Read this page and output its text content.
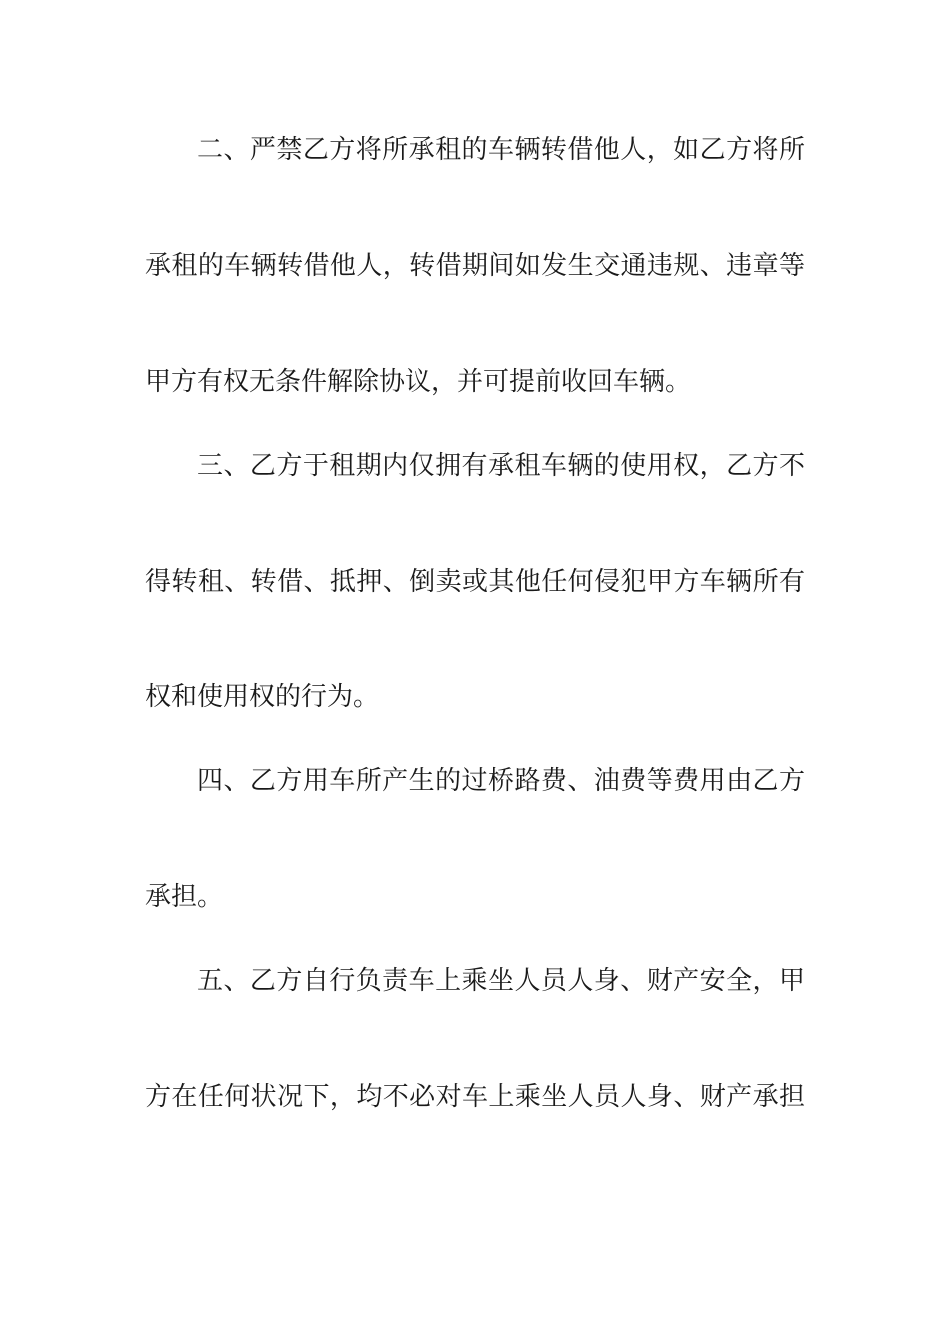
二、严禁乙方将所承租的车辆转借他人，如乙方将所
承租的车辆转借他人，转借期间如发生交通违规、违章等
甲方有权无条件解除协议，并可提前收回车辆。
三、乙方于租期内仅拥有承租车辆的使用权，乙方不
得转租、转借、抵押、倒卖或其他任何侵犯甲方车辆所有
权和使用权的行为。
四、乙方用车所产生的过桥路费、油费等费用由乙方
承担。
五、乙方自行负责车上乘坐人员人身、财产安全，甲
方在任何状况下，均不必对车上乘坐人员人身、财产承担
